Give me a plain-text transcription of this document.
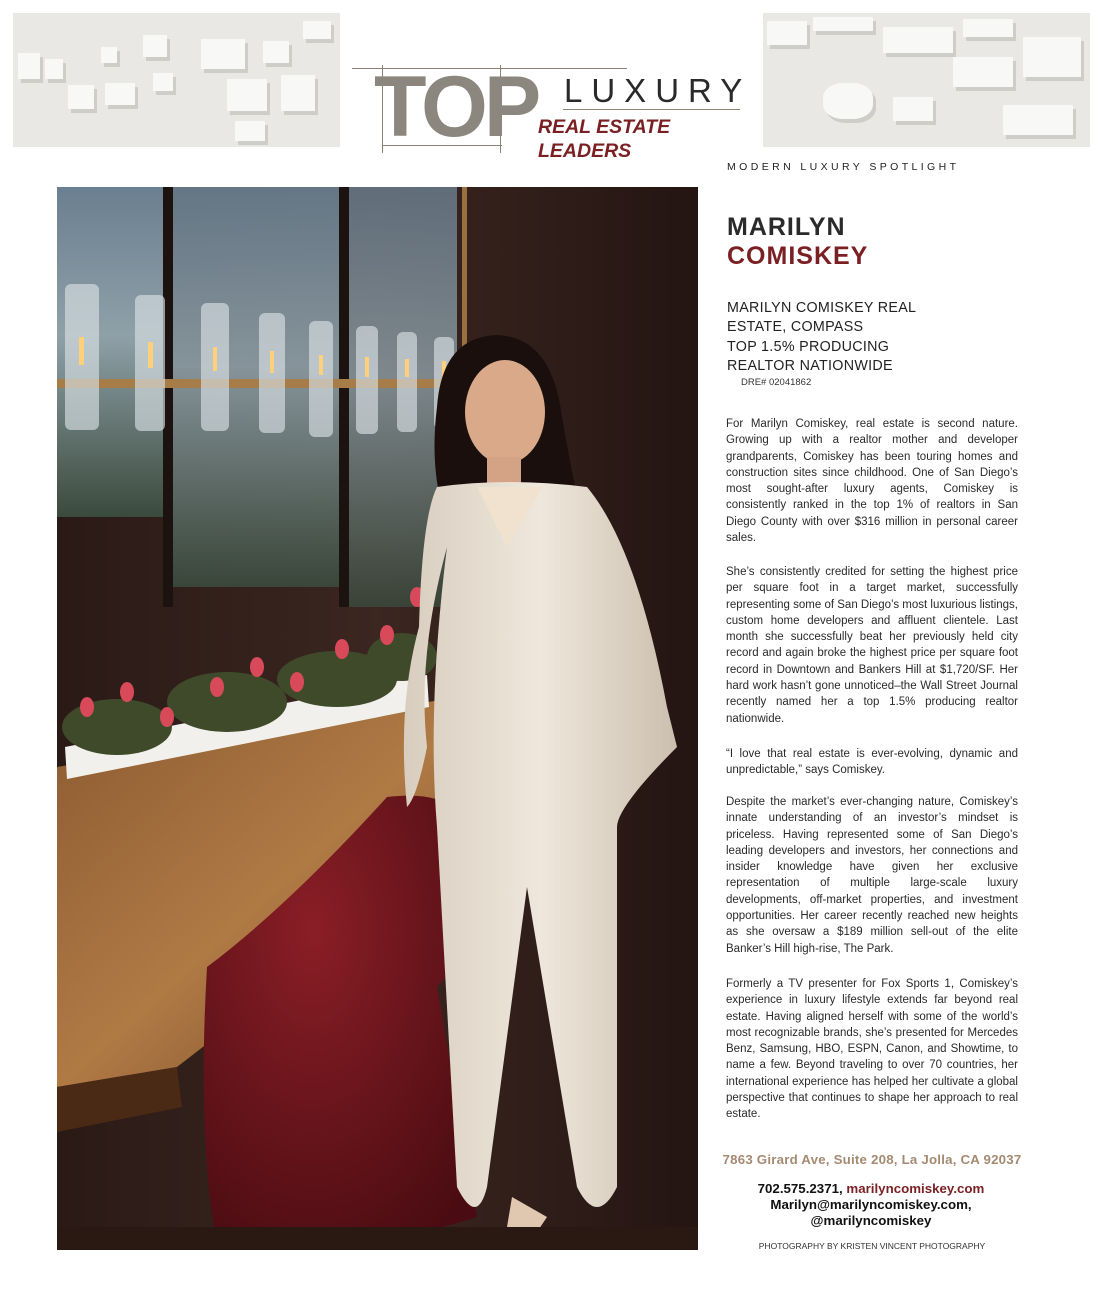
TOP LUXURY
REAL ESTATE LEADERS
MODERN LUXURY SPOTLIGHT
MARILYN
COMISKEY
MARILYN COMISKEY REAL
ESTATE, COMPASS
TOP 1.5% PRODUCING
REALTOR NATIONWIDE
DRE# 02041862

For Marilyn Comiskey, real estate is second nature. Growing up with a realtor mother and developer grandparents, Comiskey has been touring homes and construction sites since childhood. One of San Diego’s most sought-after luxury agents, Comiskey is consistently ranked in the top 1% of realtors in San Diego County with over $316 million in personal career sales.

She’s consistently credited for setting the highest price per square foot in a target market, successfully representing some of San Diego’s most luxurious listings, custom home developers and affluent clientele. Last month she successfully beat her previously held city record and again broke the highest price per square foot record in Downtown and Bankers Hill at $1,720/SF. Her hard work hasn’t gone unnoticed–the Wall Street Journal recently named her a top 1.5% producing realtor nationwide.

“I love that real estate is ever-evolving, dynamic and unpredictable,” says Comiskey.

Despite the market’s ever-changing nature, Comiskey’s innate understanding of an investor’s mindset is priceless. Having represented some of San Diego’s leading developers and investors, her connections and insider knowledge have given her exclusive representation of multiple large-scale luxury developments, off-market properties, and investment opportunities. Her career recently reached new heights as she oversaw a $189 million sell-out of the elite Banker’s Hill high-rise, The Park.

Formerly a TV presenter for Fox Sports 1, Comiskey’s experience in luxury lifestyle extends far beyond real estate. Having aligned herself with some of the world’s most recognizable brands, she’s presented for Mercedes Benz, Samsung, HBO, ESPN, Canon, and Showtime, to name a few. Beyond traveling to over 70 countries, her international experience has helped her cultivate a global perspective that continues to shape her approach to real estate.

7863 Girard Ave, Suite 208, La Jolla, CA 92037
702.575.2371, marilyncomiskey.com
Marilyn@marilyncomiskey.com,
@marilyncomiskey
PHOTOGRAPHY BY KRISTEN VINCENT PHOTOGRAPHY
